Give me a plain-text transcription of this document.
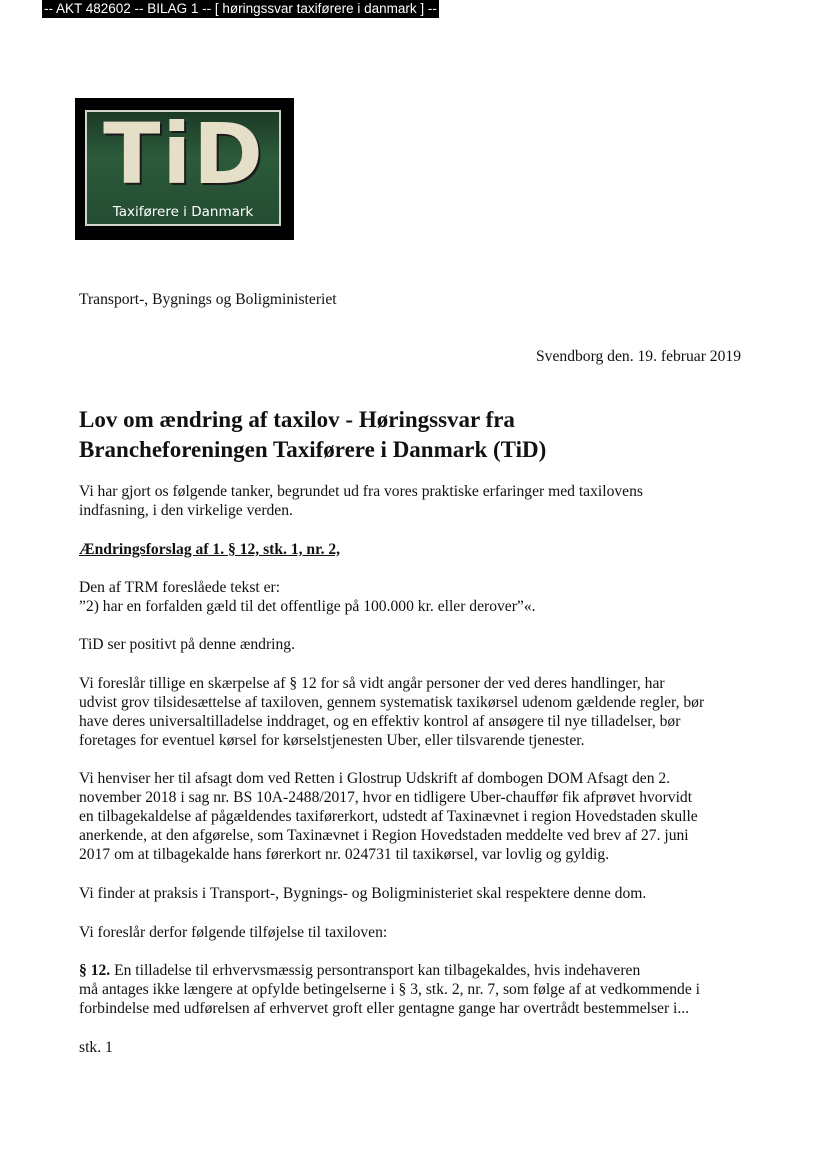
-- AKT 482602 -- BILAG 1 -- [ høringssvar taxiførere i danmark ] --
TiD
Taxiførere i Danmark
Transport-, Bygnings og Boligministeriet
Svendborg den. 19. februar 2019
Lov om ændring af taxilov - Høringssvar fra
Brancheforeningen Taxiførere i Danmark (TiD)
Vi har gjort os følgende tanker, begrundet ud fra vores praktiske erfaringer med taxilovens
indfasning, i den virkelige verden.
Ændringsforslag af 1. § 12, stk. 1, nr. 2,
Den af TRM foreslåede tekst er:
”2) har en forfalden gæld til det offentlige på 100.000 kr. eller derover”«.
TiD ser positivt på denne ændring.
Vi foreslår tillige en skærpelse af § 12 for så vidt angår personer der ved deres handlinger, har
udvist grov tilsidesættelse af taxiloven, gennem systematisk taxikørsel udenom gældende regler, bør
have deres universaltilladelse inddraget, og en effektiv kontrol af ansøgere til nye tilladelser, bør
foretages for eventuel kørsel for kørselstjenesten Uber, eller tilsvarende tjenester.
Vi henviser her til afsagt dom ved Retten i Glostrup Udskrift af dombogen DOM Afsagt den 2.
november 2018 i sag nr. BS 10A-2488/2017, hvor en tidligere Uber-chauffør fik afprøvet hvorvidt
en tilbagekaldelse af pågældendes taxiførerkort, udstedt af Taxinævnet i region Hovedstaden skulle
anerkende, at den afgørelse, som Taxinævnet i Region Hovedstaden meddelte ved brev af 27. juni
2017 om at tilbagekalde hans førerkort nr. 024731 til taxikørsel, var lovlig og gyldig.
Vi finder at praksis i Transport-, Bygnings- og Boligministeriet skal respektere denne dom.
Vi foreslår derfor følgende tilføjelse til taxiloven:
§ 12. En tilladelse til erhvervsmæssig persontransport kan tilbagekaldes, hvis indehaveren
må antages ikke længere at opfylde betingelserne i § 3, stk. 2, nr. 7, som følge af at vedkommende i
forbindelse med udførelsen af erhvervet groft eller gentagne gange har overtrådt bestemmelser i...
stk. 1
